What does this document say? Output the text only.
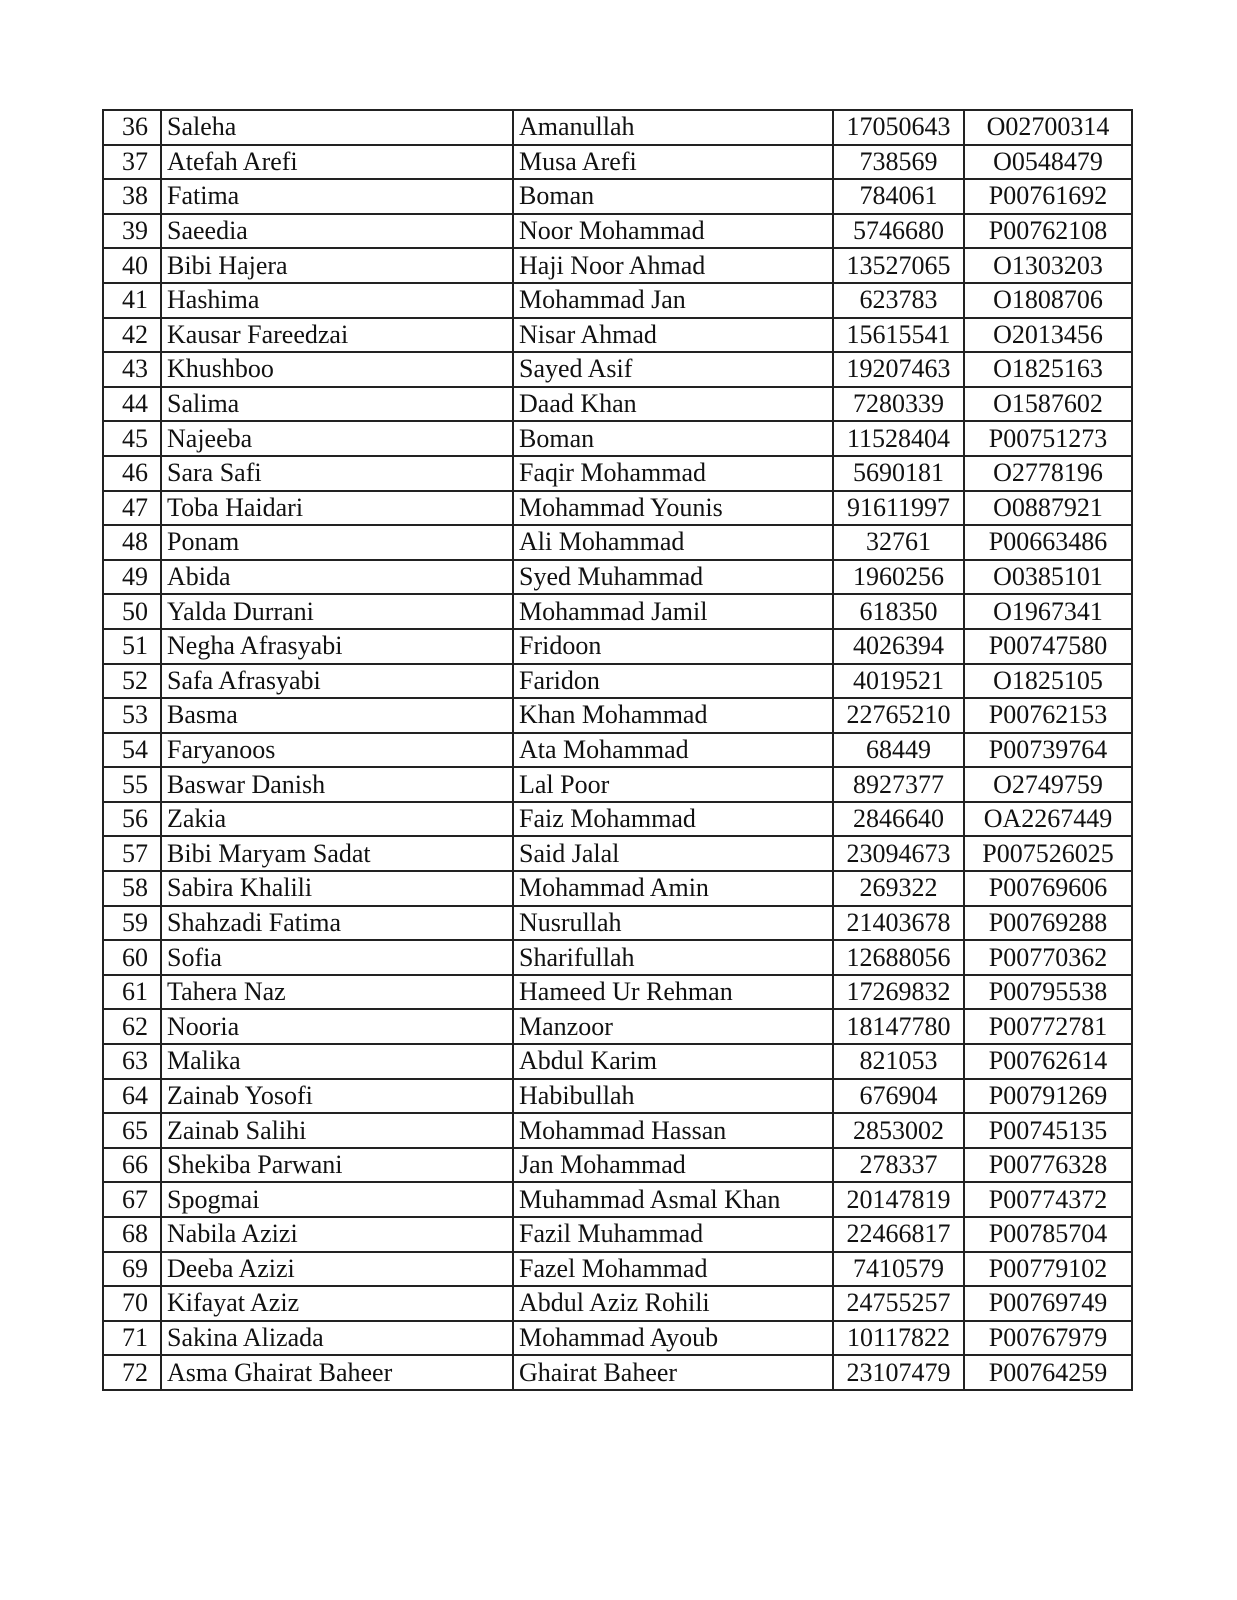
36	Saleha	Amanullah	17050643	O02700314
37	Atefah Arefi	Musa Arefi	738569	O0548479
38	Fatima	Boman	784061	P00761692
39	Saeedia	Noor Mohammad	5746680	P00762108
40	Bibi Hajera	Haji Noor Ahmad	13527065	O1303203
41	Hashima	Mohammad Jan	623783	O1808706
42	Kausar Fareedzai	Nisar Ahmad	15615541	O2013456
43	Khushboo	Sayed Asif	19207463	O1825163
44	Salima	Daad Khan	7280339	O1587602
45	Najeeba	Boman	11528404	P00751273
46	Sara Safi	Faqir Mohammad	5690181	O2778196
47	Toba Haidari	Mohammad Younis	91611997	O0887921
48	Ponam	Ali Mohammad	32761	P00663486
49	Abida	Syed Muhammad	1960256	O0385101
50	Yalda Durrani	Mohammad Jamil	618350	O1967341
51	Negha Afrasyabi	Fridoon	4026394	P00747580
52	Safa Afrasyabi	Faridon	4019521	O1825105
53	Basma	Khan Mohammad	22765210	P00762153
54	Faryanoos	Ata Mohammad	68449	P00739764
55	Baswar Danish	Lal Poor	8927377	O2749759
56	Zakia	Faiz Mohammad	2846640	OA2267449
57	Bibi Maryam Sadat	Said Jalal	23094673	P007526025
58	Sabira Khalili	Mohammad Amin	269322	P00769606
59	Shahzadi Fatima	Nusrullah	21403678	P00769288
60	Sofia	Sharifullah	12688056	P00770362
61	Tahera Naz	Hameed Ur Rehman	17269832	P00795538
62	Nooria	Manzoor	18147780	P00772781
63	Malika	Abdul Karim	821053	P00762614
64	Zainab Yosofi	Habibullah	676904	P00791269
65	Zainab Salihi	Mohammad Hassan	2853002	P00745135
66	Shekiba Parwani	Jan Mohammad	278337	P00776328
67	Spogmai	Muhammad Asmal Khan	20147819	P00774372
68	Nabila Azizi	Fazil Muhammad	22466817	P00785704
69	Deeba Azizi	Fazel Mohammad	7410579	P00779102
70	Kifayat Aziz	Abdul Aziz Rohili	24755257	P00769749
71	Sakina Alizada	Mohammad Ayoub	10117822	P00767979
72	Asma Ghairat Baheer	Ghairat Baheer	23107479	P00764259
